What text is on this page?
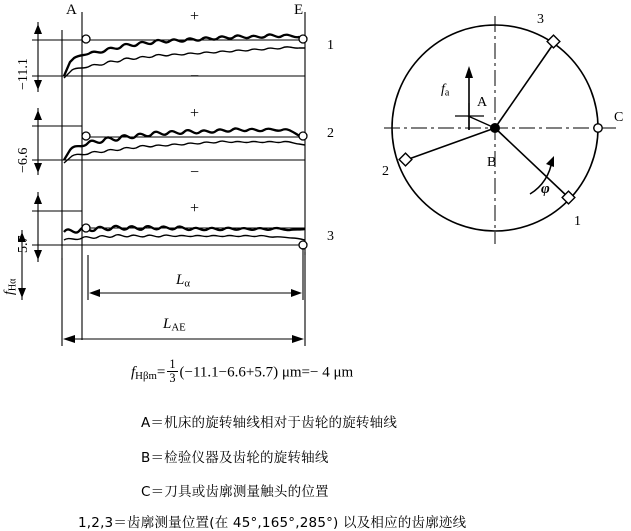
A	E
1
2
3
+
+
+
−
−
−11.1
−6.6
5.7
$f_{H\alpha}$	$L_\alpha$
$L_{AE}$
3
1
2
A
B
C
$f_a$
φ
$f_{H\beta m}= \frac{1}{3} (-11.1-6.6+5.7)$ μm=− 4 μm
A＝机床的旋转轴线相对于齿轮的旋转轴线
B＝检验仪器及齿轮的旋转轴线
C＝刀具或齿廓测量触头的位置
1,2,3＝齿廓测量位置(在 45°,165°,285°) 以及相应的齿廓迹线
